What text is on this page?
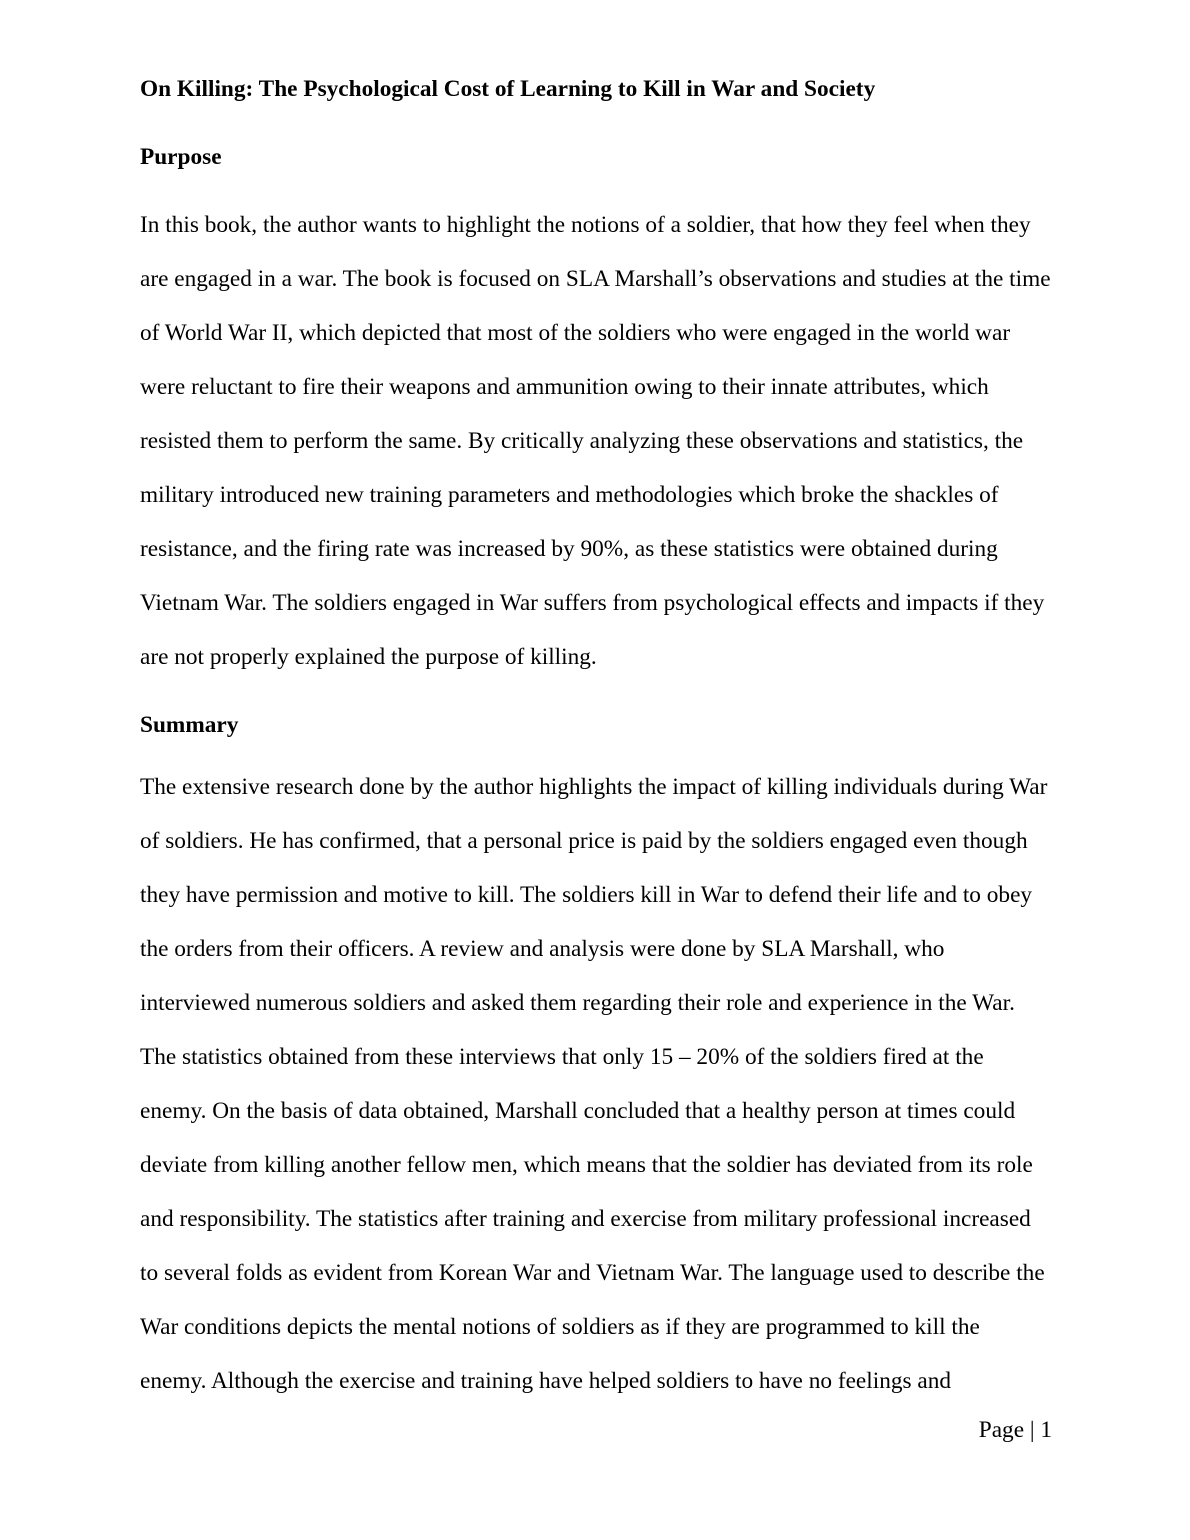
On Killing: The Psychological Cost of Learning to Kill in War and Society
Purpose

In this book, the author wants to highlight the notions of a soldier, that how they feel when they are engaged in a war. The book is focused on SLA Marshall’s observations and studies at the time of World War II, which depicted that most of the soldiers who were engaged in the world war were reluctant to fire their weapons and ammunition owing to their innate attributes, which resisted them to perform the same. By critically analyzing these observations and statistics, the military introduced new training parameters and methodologies which broke the shackles of resistance, and the firing rate was increased by 90%, as these statistics were obtained during Vietnam War. The soldiers engaged in War suffers from psychological effects and impacts if they are not properly explained the purpose of killing.

Summary

The extensive research done by the author highlights the impact of killing individuals during War of soldiers. He has confirmed, that a personal price is paid by the soldiers engaged even though they have permission and motive to kill. The soldiers kill in War to defend their life and to obey the orders from their officers. A review and analysis were done by SLA Marshall, who interviewed numerous soldiers and asked them regarding their role and experience in the War. The statistics obtained from these interviews that only 15 – 20% of the soldiers fired at the enemy. On the basis of data obtained, Marshall concluded that a healthy person at times could deviate from killing another fellow men, which means that the soldier has deviated from its role and responsibility. The statistics after training and exercise from military professional increased to several folds as evident from Korean War and Vietnam War. The language used to describe the War conditions depicts the mental notions of soldiers as if they are programmed to kill the enemy. Although the exercise and training have helped soldiers to have no feelings and

Page | 1
